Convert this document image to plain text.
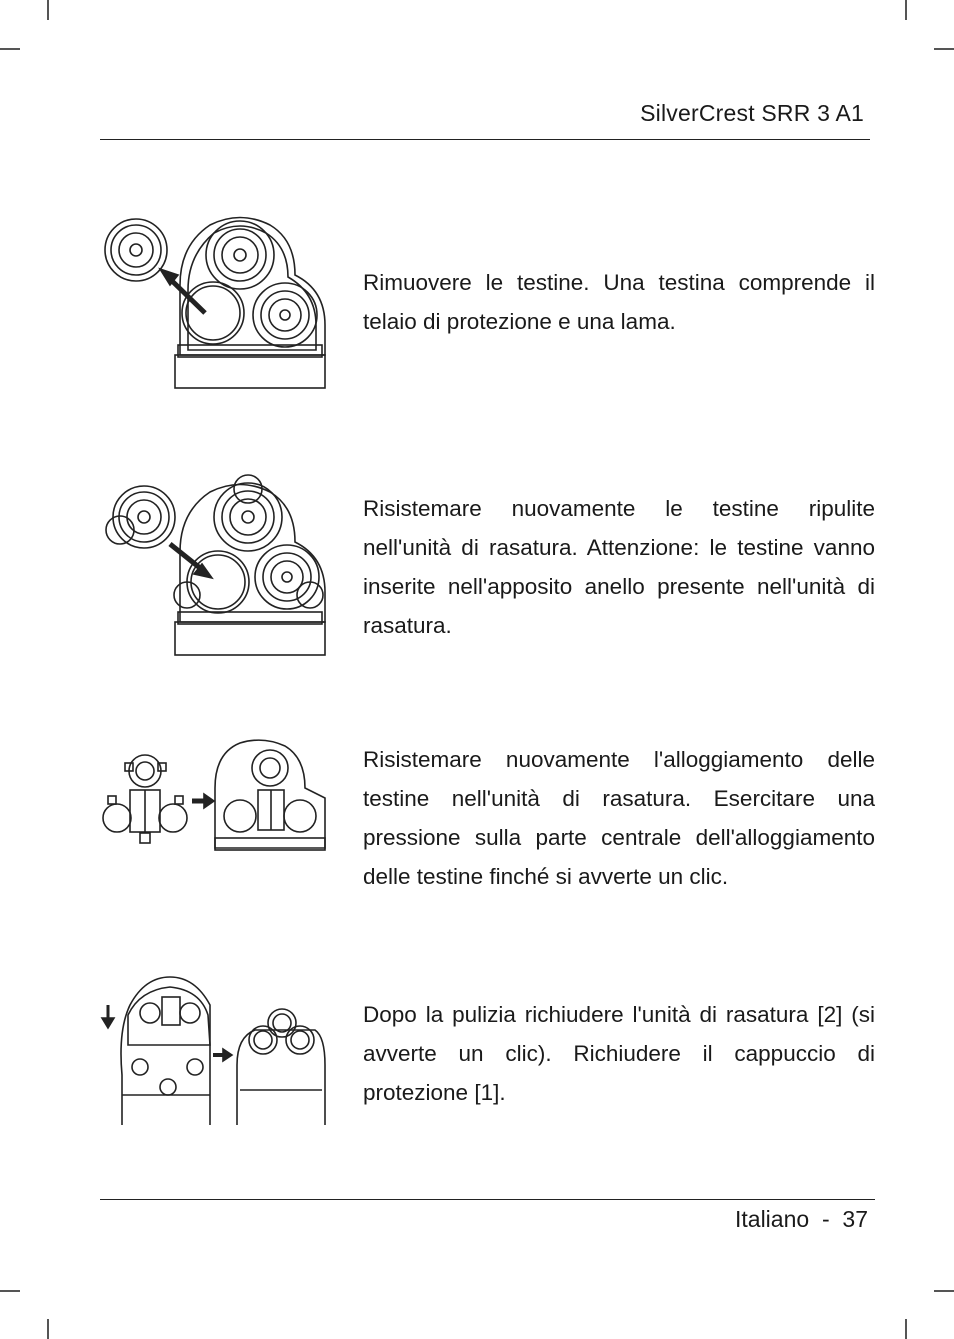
SilverCrest SRR 3 A1

Rimuovere le testine. Una testina comprende il telaio di protezione e una lama.

Risistemare nuovamente le testine ripulite nell'unità di rasatura. Attenzione: le testine vanno inserite nell'apposito anello presente nell'unità di rasatura.

Risistemare nuovamente l'alloggiamento delle testine nell'unità di rasatura. Esercitare una pressione sulla parte centrale dell'alloggiamento delle testine finché si avverte un clic.

Dopo la pulizia richiudere l'unità di rasatura [2] (si avverte un clic). Richiudere il cappuccio di protezione [1].

Italiano - 37
